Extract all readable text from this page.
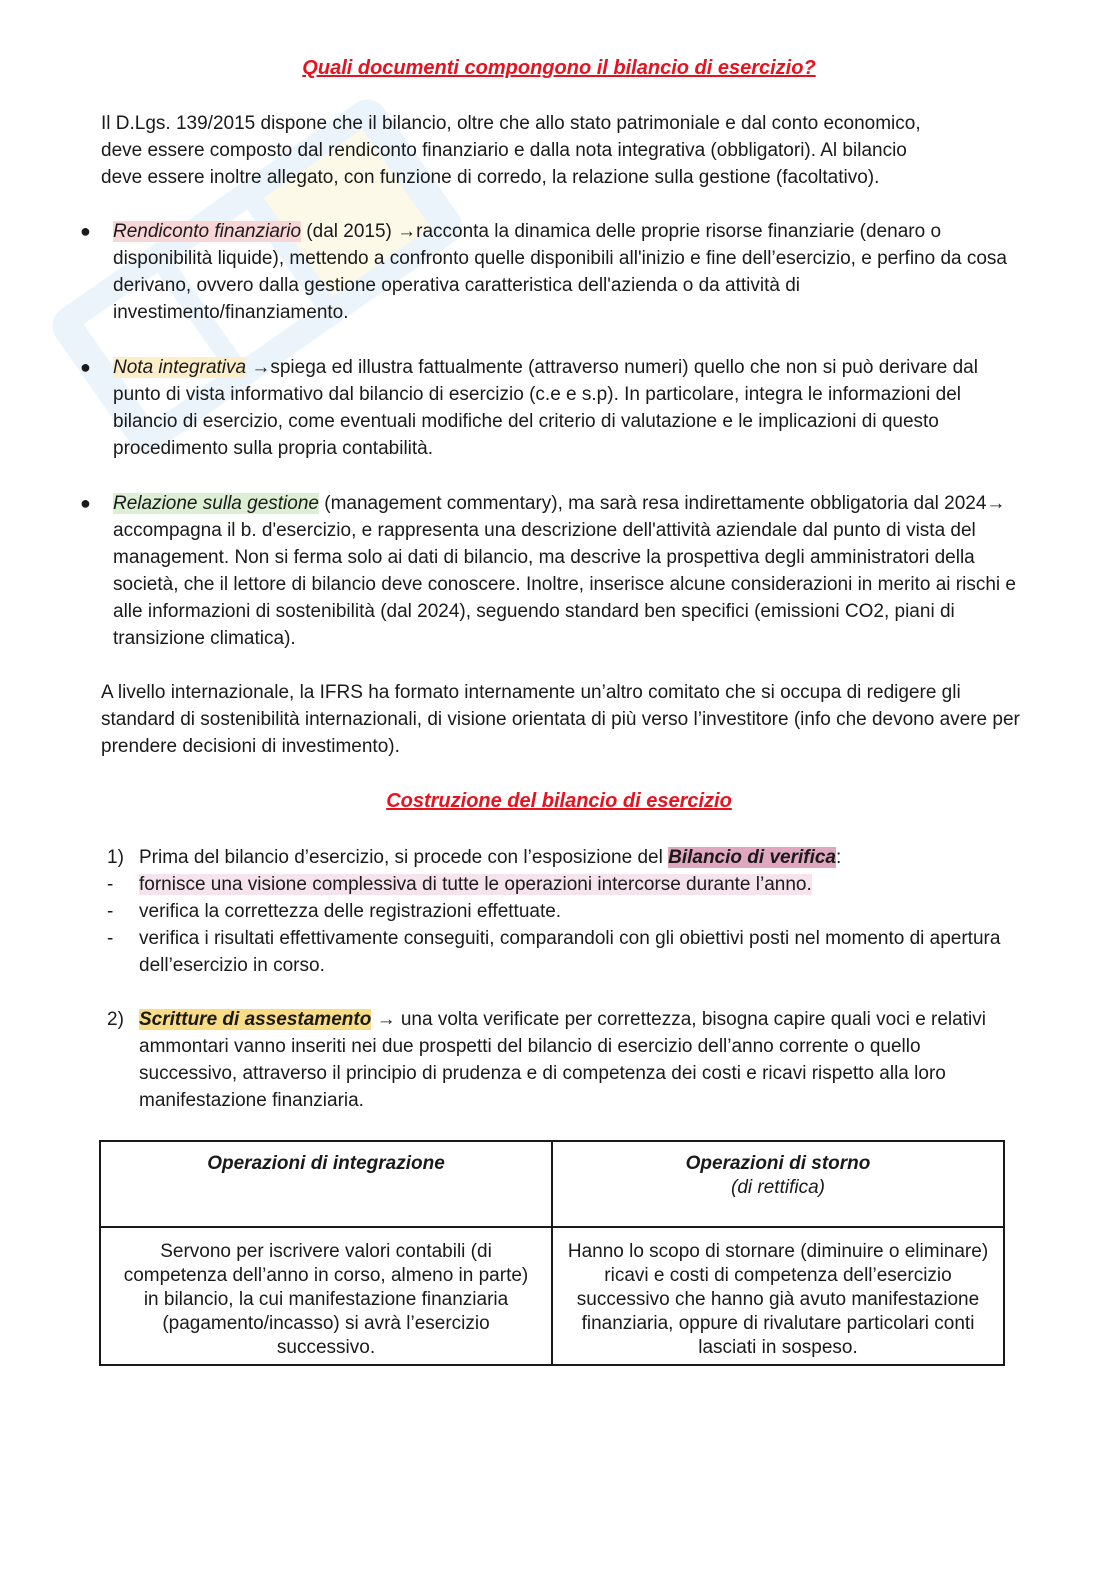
Quali documenti compongono il bilancio di esercizio?

Il D.Lgs. 139/2015 dispone che il bilancio, oltre che allo stato patrimoniale e dal conto economico,
deve essere composto dal rendiconto finanziario e dalla nota integrativa (obbligatori). Al bilancio
deve essere inoltre allegato, con funzione di corredo, la relazione sulla gestione (facoltativo).

● Rendiconto finanziario (dal 2015) →racconta la dinamica delle proprie risorse finanziarie (denaro o disponibilità liquide), mettendo a confronto quelle disponibili all'inizio e fine dell’esercizio, e perfino da cosa derivano, ovvero dalla gestione operativa caratteristica dell'azienda o da attività di investimento/finanziamento.
● Nota integrativa →spiega ed illustra fattualmente (attraverso numeri) quello che non si può derivare dal punto di vista informativo dal bilancio di esercizio (c.e e s.p). In particolare, integra le informazioni del bilancio di esercizio, come eventuali modifiche del criterio di valutazione e le implicazioni di questo procedimento sulla propria contabilità.
● Relazione sulla gestione (management commentary), ma sarà resa indirettamente obbligatoria dal 2024→ accompagna il b. d'esercizio, e rappresenta una descrizione dell'attività aziendale dal punto di vista del management. Non si ferma solo ai dati di bilancio, ma descrive la prospettiva degli amministratori della società, che il lettore di bilancio deve conoscere. Inoltre, inserisce alcune considerazioni in merito ai rischi e alle informazioni di sostenibilità (dal 2024), seguendo standard ben specifici (emissioni CO2, piani di transizione climatica).

A livello internazionale, la IFRS ha formato internamente un’altro comitato che si occupa di redigere gli standard di sostenibilità internazionali, di visione orientata di più verso l’investitore (info che devono avere per prendere decisioni di investimento).

Costruzione del bilancio di esercizio
1) Prima del bilancio d’esercizio, si procede con l’esposizione del Bilancio di verifica:
- fornisce una visione complessiva di tutte le operazioni intercorse durante l’anno.
- verifica la correttezza delle registrazioni effettuate.
- verifica i risultati effettivamente conseguiti, comparandoli con gli obiettivi posti nel momento di apertura dell’esercizio in corso.
2) Scritture di assestamento → una volta verificate per correttezza, bisogna capire quali voci e relativi ammontari vanno inseriti nei due prospetti del bilancio di esercizio dell’anno corrente o quello successivo, attraverso il principio di prudenza e di competenza dei costi e ricavi rispetto alla loro manifestazione finanziaria.
Operazioni di integrazione	Operazioni di storno
(di rettifica)
Servono per iscrivere valori contabili (di competenza dell’anno in corso, almeno in parte) in bilancio, la cui manifestazione finanziaria (pagamento/incasso) si avrà l’esercizio successivo.	Hanno lo scopo di stornare (diminuire o eliminare) ricavi e costi di competenza dell’esercizio successivo che hanno già avuto manifestazione finanziaria, oppure di rivalutare particolari conti lasciati in sospeso.
